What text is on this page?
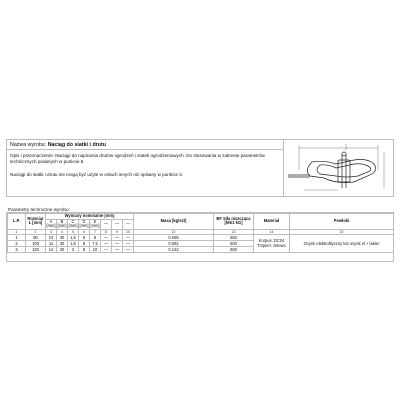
Nazwa wyrobu: Naciąg do siatki i drutu
Opis i przeznaczenie: Naciągi do napinania drutów ogrodzeń i siatek ogrodzeniowych. Do stosowania w zakresie parametrów technicznych podanych w punkcie 5.
Naciągi do siatki i drutu nie mogą być użyte w celach innych niż opisany w punkcie 3.
Parametry techniczne wyrobu:
L.P.	Rozmiar L [mm]	Wymiary nominalne [mm]								Masa [kg/szt]	BF Siła niszcząca [kN/1 kG]	Materiał	Powłoki
		A [mm]	B [mm]	C [mm]	D [mm]	E [mm]	—	—	—				
1	2	3	4	5	6	7	8	9	10	12	13	14	15
1	80	13	30	1,5	8	8	—	—	—	0.095	650	Korpus: DC04 Trzpień: żelewo	Ocynk elektrolityczny lub ocynk el.+ lakier
2	100	11	30	1,5	8	7,5	—	—	—	0.082	500		
3	120	14	30	2	8	10	—	—	—	0.122	650		
